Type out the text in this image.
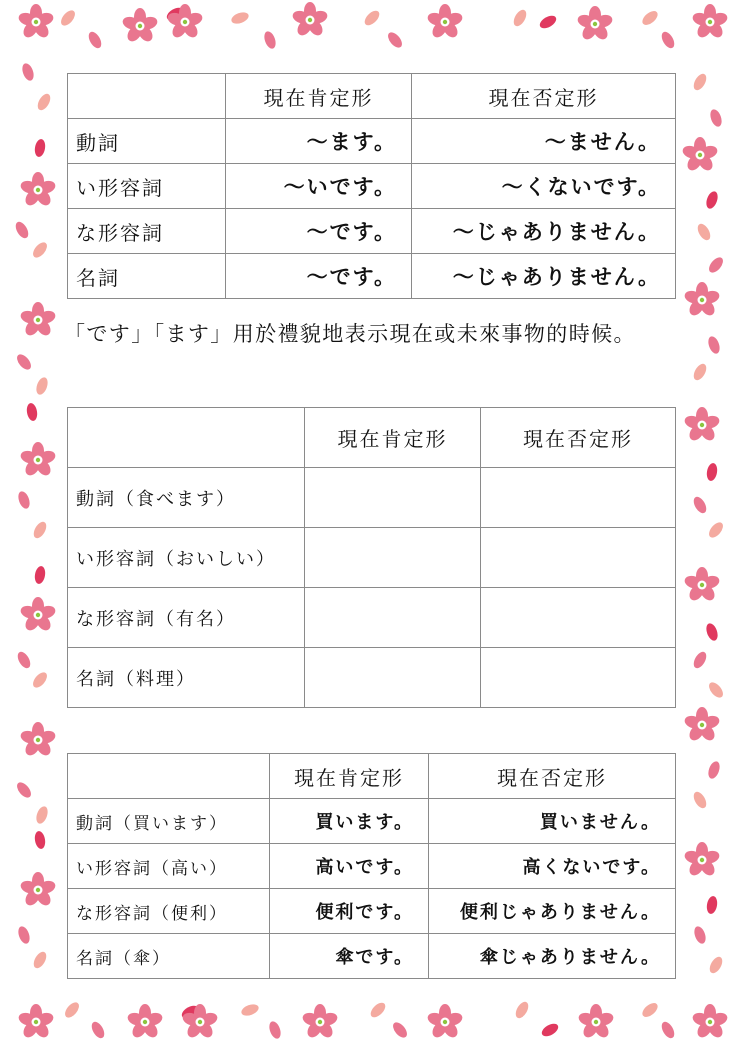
	現在肯定形	現在否定形
動詞	～ます。	～ません。
い形容詞	～いです。	～くないです。
な形容詞	～です。	～じゃありません。
名詞	～です。	～じゃありません。
「です」「ます」用於禮貌地表示現在或未來事物的時候。
	現在肯定形	現在否定形
動詞（食べます）		
い形容詞（おいしい）		
な形容詞（有名）		
名詞（料理）		
	現在肯定形	現在否定形
動詞（買います）	買います。	買いません。
い形容詞（高い）	高いです。	高くないです。
な形容詞（便利）	便利です。	便利じゃありません。
名詞（傘）	傘です。	傘じゃありません。
